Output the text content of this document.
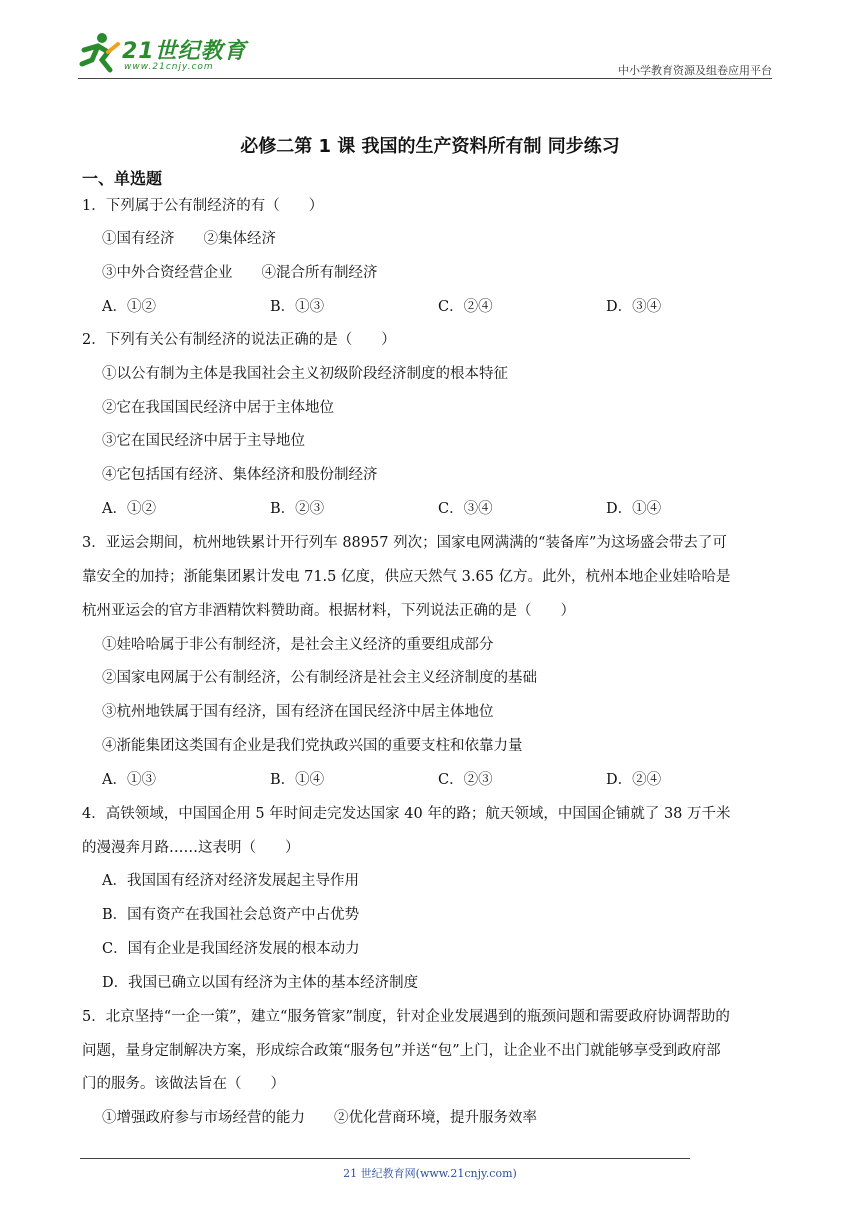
21世纪教育
www.21cnjy.com	中小学教育资源及组卷应用平台
必修二第 1 课 我国的生产资料所有制 同步练习
一、单选题
1．下列属于公有制经济的有（　　）
①国有经济　　②集体经济
③中外合资经营企业　　④混合所有制经济
A．①②	B．①③	C．②④	D．③④
2．下列有关公有制经济的说法正确的是（　　）
①以公有制为主体是我国社会主义初级阶段经济制度的根本特征
②它在我国国民经济中居于主体地位
③它在国民经济中居于主导地位
④它包括国有经济、集体经济和股份制经济
A．①②	B．②③	C．③④	D．①④
3．亚运会期间，杭州地铁累计开行列车 88957 列次；国家电网满满的“装备库”为这场盛会带去了可
靠安全的加持；浙能集团累计发电 71.5 亿度，供应天然气 3.65 亿方。此外，杭州本地企业娃哈哈是
杭州亚运会的官方非酒精饮料赞助商。根据材料，下列说法正确的是（　　）
①娃哈哈属于非公有制经济，是社会主义经济的重要组成部分
②国家电网属于公有制经济，公有制经济是社会主义经济制度的基础
③杭州地铁属于国有经济，国有经济在国民经济中居主体地位
④浙能集团这类国有企业是我们党执政兴国的重要支柱和依靠力量
A．①③	B．①④	C．②③	D．②④
4．高铁领域，中国国企用 5 年时间走完发达国家 40 年的路；航天领域，中国国企铺就了 38 万千米
的漫漫奔月路……这表明（　　）
A．我国国有经济对经济发展起主导作用
B．国有资产在我国社会总资产中占优势
C．国有企业是我国经济发展的根本动力
D．我国已确立以国有经济为主体的基本经济制度
5．北京坚持“一企一策”，建立“服务管家”制度，针对企业发展遇到的瓶颈问题和需要政府协调帮助的
问题，量身定制解决方案，形成综合政策“服务包”并送“包”上门，让企业不出门就能够享受到政府部
门的服务。该做法旨在（　　）
①增强政府参与市场经营的能力　　②优化营商环境，提升服务效率
21 世纪教育网(www.21cnjy.com)
